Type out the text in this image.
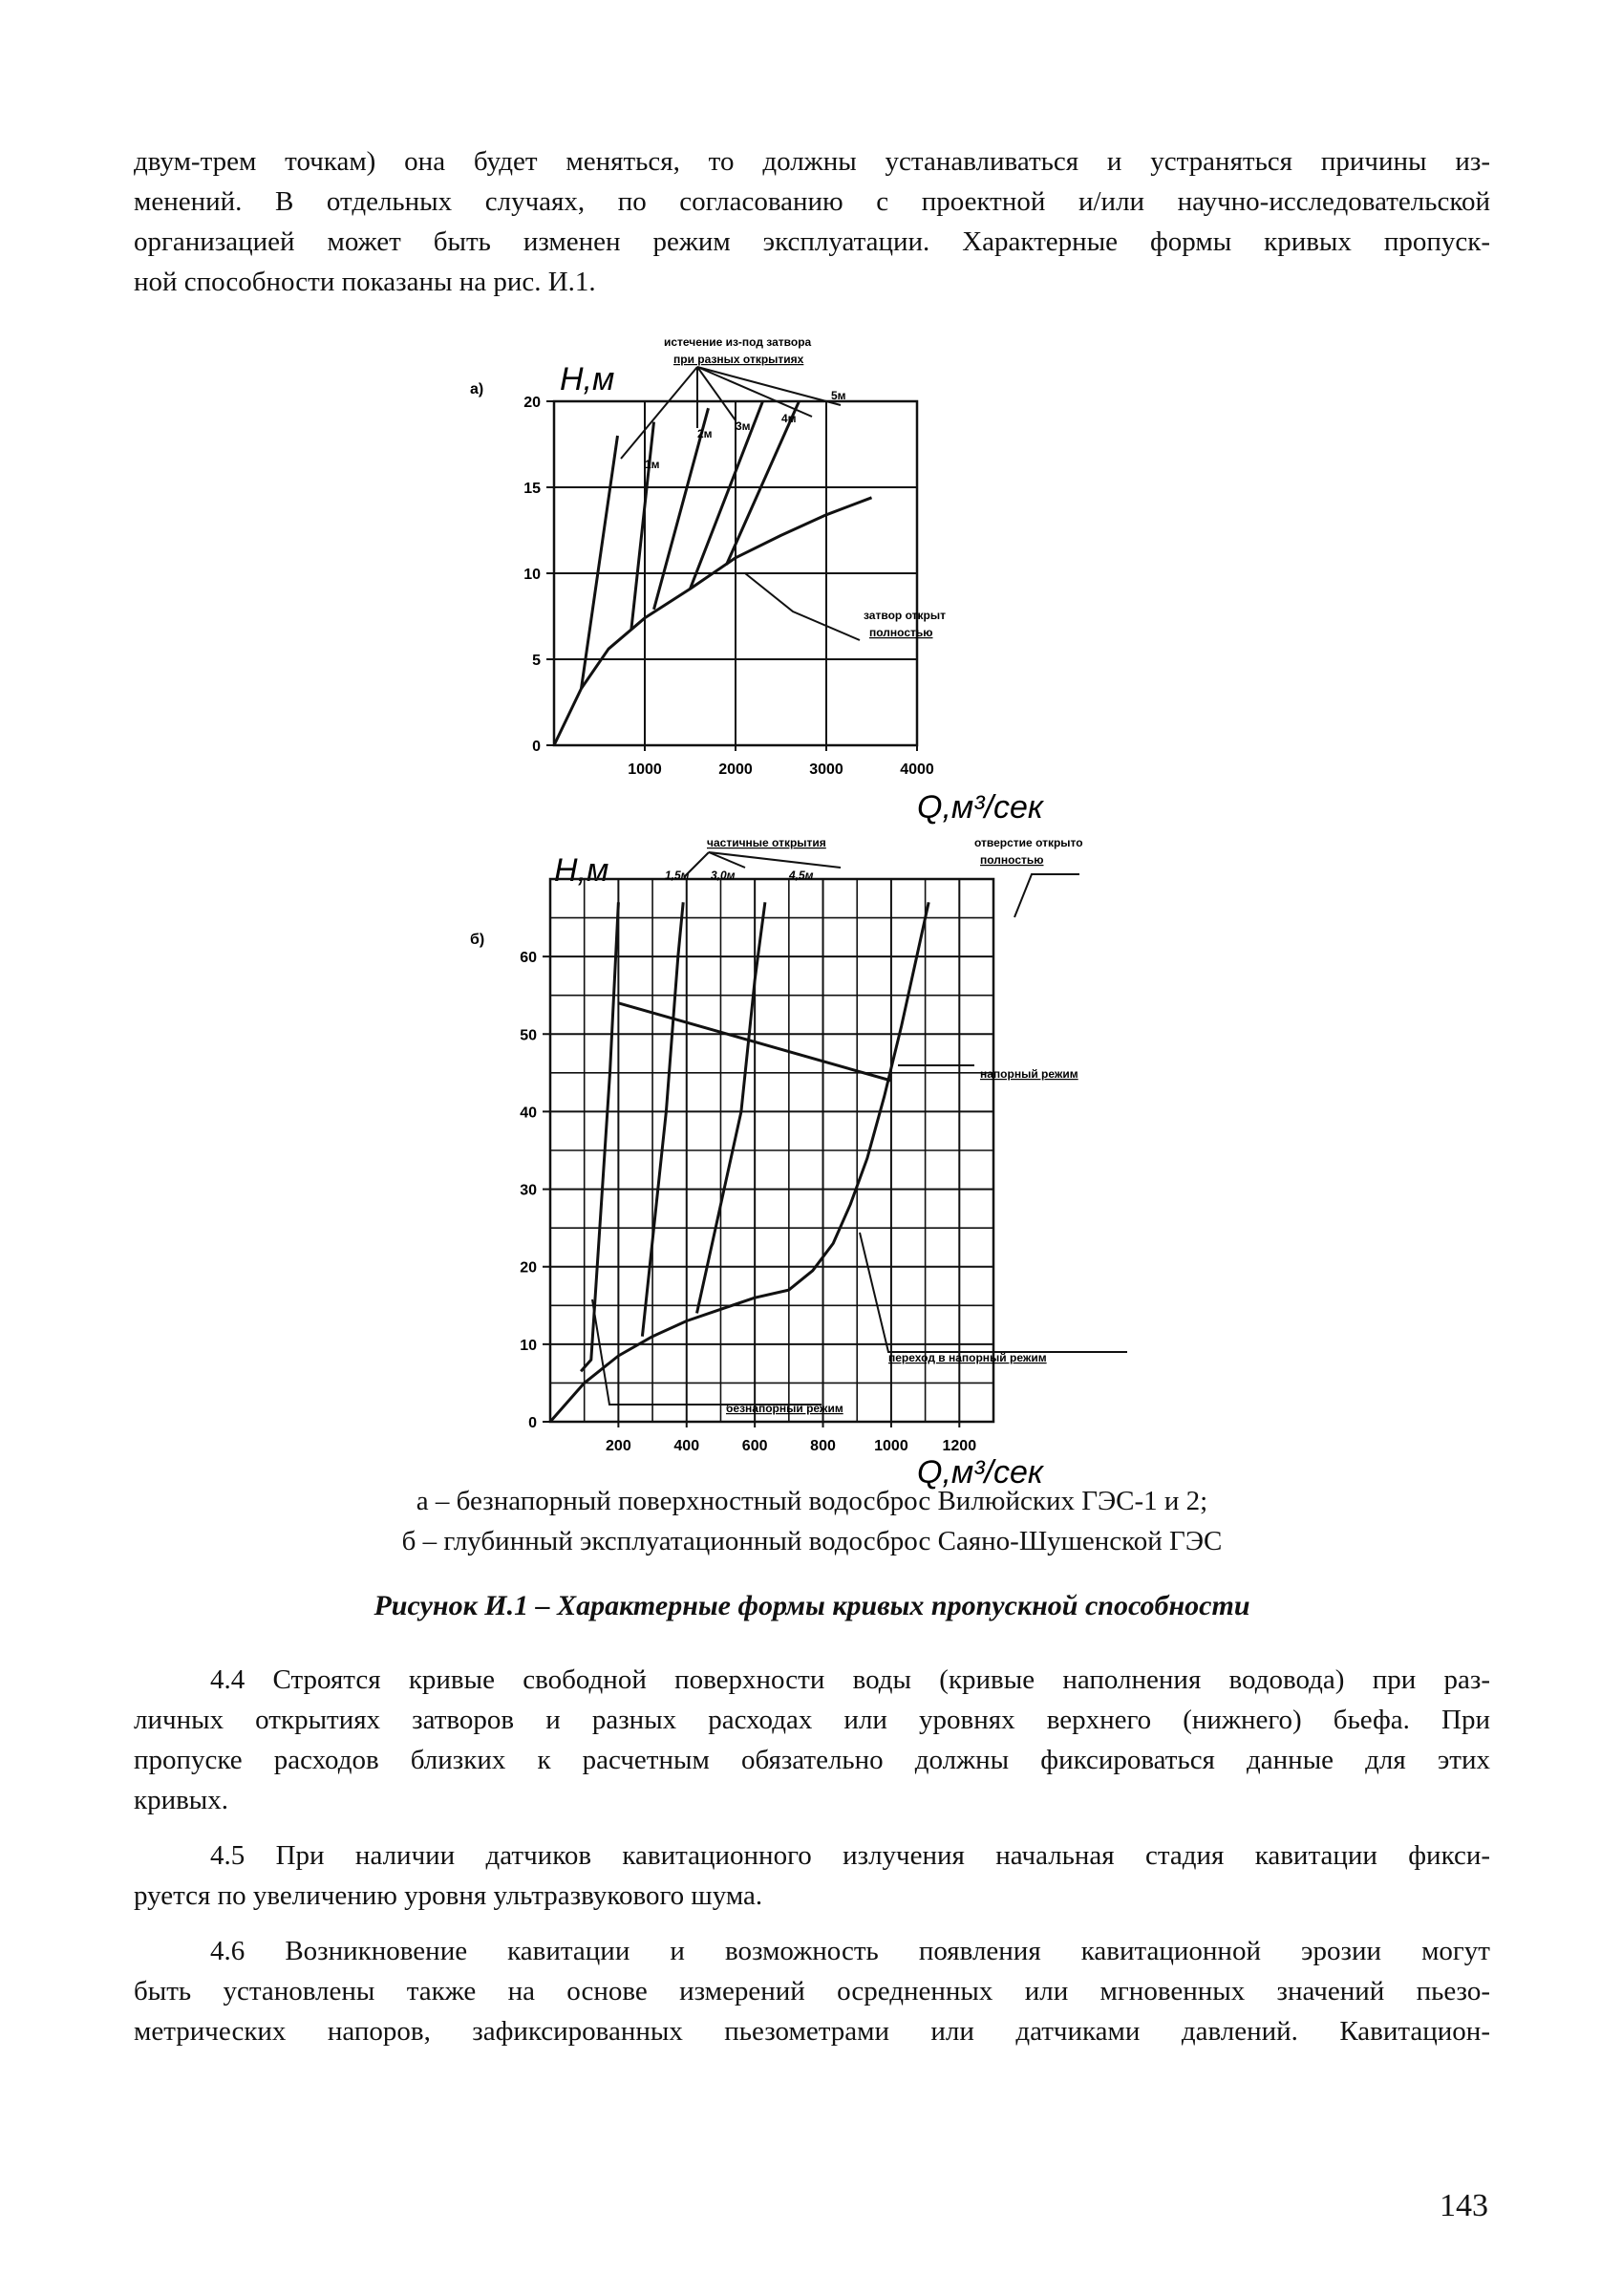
двум-трем точкам) она будет меняться, то должны устанавливаться и устраняться причины из-
менений. В отдельных случаях, по согласованию с проектной и/или научно-исследовательской
организацией может быть изменен режим эксплуатации. Характерные формы кривых пропуск-
ной способности показаны на рис. И.1.

а) H,м
Q,м³/сек
0
5
10
15
20
1000	2000	3000	4000
истечение из-под затвора
при разных открытиях
затвор открыт
полностью
1м
2м
3м
4м
5м
б)
H,м
Q,м³/сек
0
10
20
30
40
50
60
200	400	600	800	1000 1200
частичные открытия
1,5м 3,0м	4,5м
отверстие открыто
полностью
напорный режим
переход в напорный режим
безнапорный режим
а – безнапорный поверхностный водосброс Вилюйских ГЭС-1 и 2;
б – глубинный эксплуатационный водосброс Саяно-Шушенской ГЭС
Рисунок И.1 – Характерные формы кривых пропускной способности

4.4 Строятся кривые свободной поверхности воды (кривые наполнения водовода) при раз-
личных открытиях затворов и разных расходах или уровнях верхнего (нижнего) бьефа. При
пропуске расходов близких к расчетным обязательно должны фиксироваться данные для этих
кривых.

4.5 При наличии датчиков кавитационного излучения начальная стадия кавитации фикси-
руется по увеличению уровня ультразвукового шума.

4.6 Возникновение кавитации и возможность появления кавитационной эрозии могут
быть установлены также на основе измерений осредненных или мгновенных значений пьезо-
метрических напоров, зафиксированных пьезометрами или датчиками давлений. Кавитацион-

143
